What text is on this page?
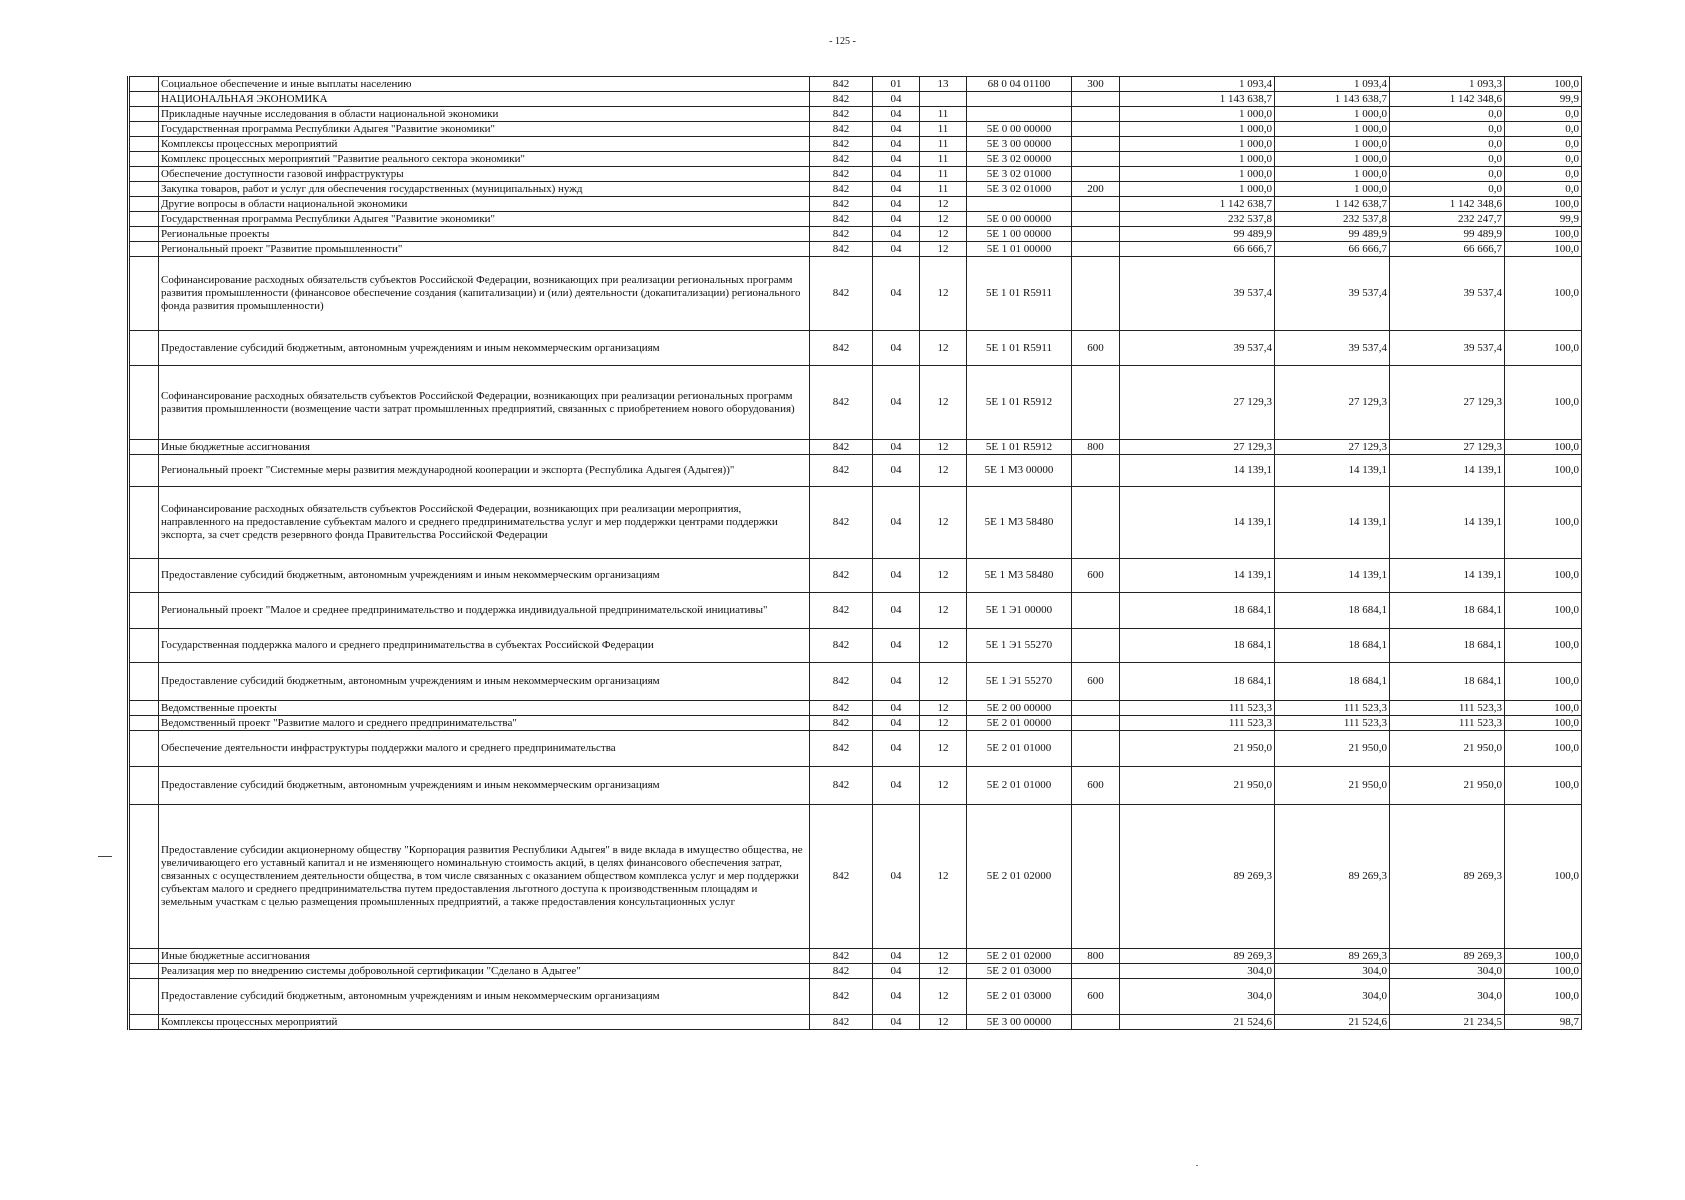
- 125 -
	Социальное обеспечение и иные выплаты населению	842	01	13	68 0 04 01100	300	1 093,4	1 093,4	1 093,3	100,0
	НАЦИОНАЛЬНАЯ ЭКОНОМИКА	842	04				1 143 638,7	1 143 638,7	1 142 348,6	99,9
	Прикладные научные исследования в области национальной экономики	842	04	11			1 000,0	1 000,0	0,0	0,0
	Государственная программа Республики Адыгея "Развитие экономики"	842	04	11	5Е 0 00 00000		1 000,0	1 000,0	0,0	0,0
	Комплексы процессных мероприятий	842	04	11	5Е 3 00 00000		1 000,0	1 000,0	0,0	0,0
	Комплекс процессных мероприятий "Развитие реального сектора экономики"	842	04	11	5Е 3 02 00000		1 000,0	1 000,0	0,0	0,0
	Обеспечение доступности газовой инфраструктуры	842	04	11	5Е 3 02 01000		1 000,0	1 000,0	0,0	0,0
	Закупка товаров, работ и услуг для обеспечения государственных (муниципальных) нужд	842	04	11	5Е 3 02 01000	200	1 000,0	1 000,0	0,0	0,0
	Другие вопросы в области национальной экономики	842	04	12			1 142 638,7	1 142 638,7	1 142 348,6	100,0
	Государственная программа Республики Адыгея "Развитие экономики"	842	04	12	5Е 0 00 00000		232 537,8	232 537,8	232 247,7	99,9
	Региональные проекты	842	04	12	5Е 1 00 00000		99 489,9	99 489,9	99 489,9	100,0
	Региональный проект "Развитие промышленности"	842	04	12	5Е 1 01 00000		66 666,7	66 666,7	66 666,7	100,0
	Софинансирование расходных обязательств субъектов Российской Федерации, возникающих при реализации региональных программ развития промышленности (финансовое обеспечение создания (капитализации) и (или) деятельности (докапитализации) регионального фонда развития промышленности)	842	04	12	5Е 1 01 R5911		39 537,4	39 537,4	39 537,4	100,0
	Предоставление субсидий бюджетным, автономным учреждениям и иным некоммерческим организациям	842	04	12	5Е 1 01 R5911	600	39 537,4	39 537,4	39 537,4	100,0
	Софинансирование расходных обязательств субъектов Российской Федерации, возникающих при реализации региональных программ развития промышленности (возмещение части затрат промышленных предприятий, связанных с приобретением нового оборудования)	842	04	12	5Е 1 01 R5912		27 129,3	27 129,3	27 129,3	100,0
	Иные бюджетные ассигнования	842	04	12	5Е 1 01 R5912	800	27 129,3	27 129,3	27 129,3	100,0
	Региональный проект "Системные меры развития международной кооперации и экспорта (Республика Адыгея (Адыгея))"	842	04	12	5Е 1 М3 00000		14 139,1	14 139,1	14 139,1	100,0
	Софинансирование расходных обязательств субъектов Российской Федерации, возникающих при реализации мероприятия, направленного на предоставление субъектам малого и среднего предпринимательства услуг и мер поддержки центрами поддержки экспорта, за счет средств резервного фонда Правительства Российской Федерации	842	04	12	5Е 1 М3 58480		14 139,1	14 139,1	14 139,1	100,0
	Предоставление субсидий бюджетным, автономным учреждениям и иным некоммерческим организациям	842	04	12	5Е 1 М3 58480	600	14 139,1	14 139,1	14 139,1	100,0
	Региональный проект "Малое и среднее предпринимательство и поддержка индивидуальной предпринимательской инициативы"	842	04	12	5Е 1 Э1 00000		18 684,1	18 684,1	18 684,1	100,0
	Государственная поддержка малого и среднего предпринимательства в субъектах Российской Федерации	842	04	12	5Е 1 Э1 55270		18 684,1	18 684,1	18 684,1	100,0
	Предоставление субсидий бюджетным, автономным учреждениям и иным некоммерческим организациям	842	04	12	5Е 1 Э1 55270	600	18 684,1	18 684,1	18 684,1	100,0
	Ведомственные проекты	842	04	12	5Е 2 00 00000		111 523,3	111 523,3	111 523,3	100,0
	Ведомственный проект "Развитие малого и среднего предпринимательства"	842	04	12	5Е 2 01 00000		111 523,3	111 523,3	111 523,3	100,0
	Обеспечение деятельности инфраструктуры поддержки малого и среднего предпринимательства	842	04	12	5Е 2 01 01000		21 950,0	21 950,0	21 950,0	100,0
	Предоставление субсидий бюджетным, автономным учреждениям и иным некоммерческим организациям	842	04	12	5Е 2 01 01000	600	21 950,0	21 950,0	21 950,0	100,0
	Предоставление субсидии акционерному обществу "Корпорация развития Республики Адыгея" в виде вклада в имущество общества, не увеличивающего его уставный капитал и не изменяющего номинальную стоимость акций, в целях финансового обеспечения затрат, связанных с осуществлением деятельности общества, в том числе связанных с оказанием обществом комплекса услуг и мер поддержки субъектам малого и среднего предпринимательства путем предоставления льготного доступа к производственным площадям и земельным участкам с целью размещения промышленных предприятий, а также предоставления консультационных услуг	842	04	12	5Е 2 01 02000		89 269,3	89 269,3	89 269,3	100,0
	Иные бюджетные ассигнования	842	04	12	5Е 2 01 02000	800	89 269,3	89 269,3	89 269,3	100,0
	Реализация мер по внедрению системы добровольной сертификации "Сделано в Адыгее"	842	04	12	5Е 2 01 03000		304,0	304,0	304,0	100,0
	Предоставление субсидий бюджетным, автономным учреждениям и иным некоммерческим организациям	842	04	12	5Е 2 01 03000	600	304,0	304,0	304,0	100,0
	Комплексы процессных мероприятий	842	04	12	5Е 3 00 00000		21 524,6	21 524,6	21 234,5	98,7
